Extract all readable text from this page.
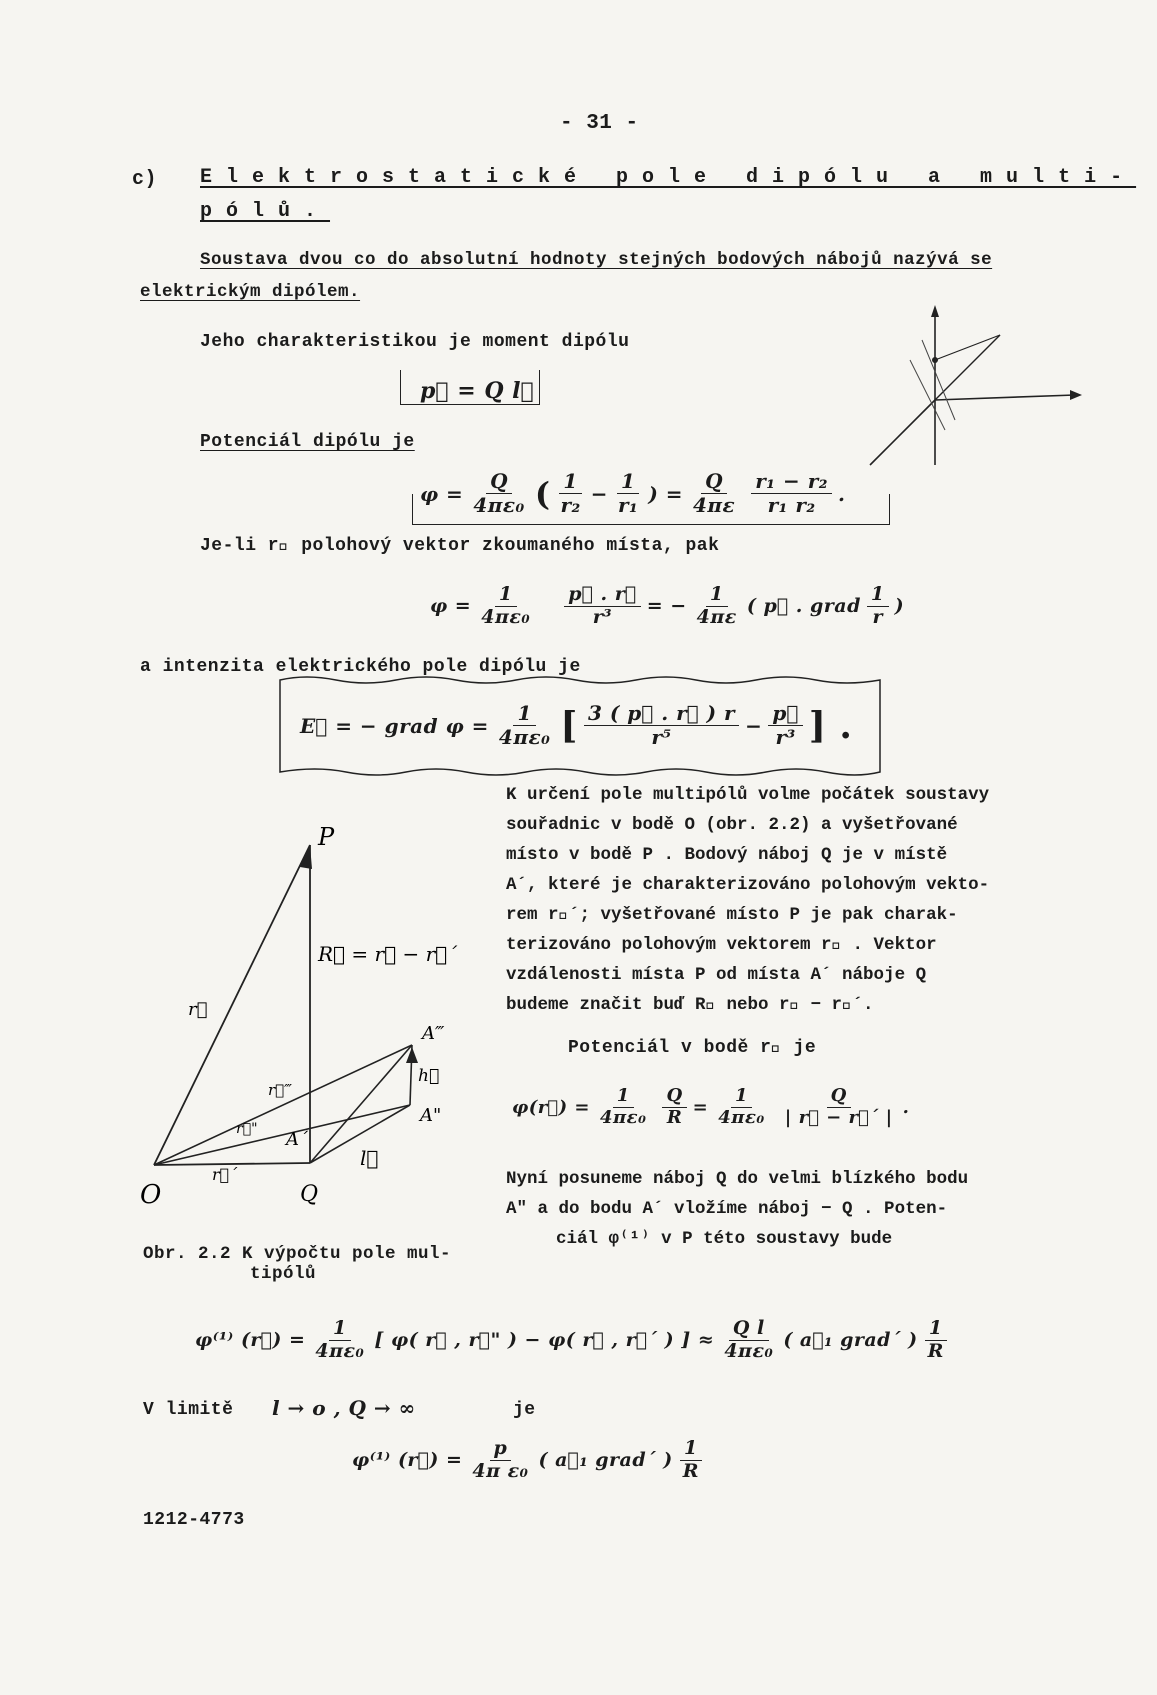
- 31 -
c) Elektrostatické pole dipólu a multi-
pólů.
Soustava dvou co do absolutní hodnoty stejných bodových nábojů nazývá se
elektrickým dipólem.
Jeho charakteristikou je moment dipólu
p⃗ = Q l⃗
Potenciál dipólu je
$\varphi = \frac{Q}{\text{4πε₀}}$ ( $\frac{1}{\text{r₂}} - \frac{1}{\text{r₁}}$ ) = $\frac{Q}{4\pi\varepsilon} \frac{\text{r₁ − r₂}}{\text{r₁ r₂}}$ .
Je-li r⃗ polohový vektor zkoumaného místa, pak
$\varphi = \frac{1}{\text{4πε₀}} \frac{p⃗ . r⃗}{\text{r³}}$ = − $\frac{1}{4\pi\varepsilon}$ ( p⃗ . grad $\frac{1}{r}$ )
a intenzita elektrického pole dipólu je
E⃗ = − grad $\varphi = \frac{1}{\text{4πε₀}}$ [ $\frac{3 ( p⃗ . r⃗ ) r}{\text{r⁵}} - \frac{p⃗}{\text{r³}}$ ] .
K určení pole multipólů volme počátek soustavy
souřadnic v bodě O (obr. 2.2) a vyšetřované
místo v bodě P . Bodový náboj Q je v místě
A´, které je charakterizováno polohovým vekto-
rem r⃗´; vyšetřované místo P je pak charak-
terizováno polohovým vektorem r⃗ . Vektor
vzdálenosti místa P od místa A´ náboje Q
budeme značit buď R⃗ nebo r⃗ − r⃗´.
Potenciál v bodě r⃗ je
φ(r⃗) = $\frac{1}{\text{4πε₀}} \frac{Q}{R} = \frac{1}{\text{4πε₀}} \frac{Q}{| r⃗ - r⃗´ |}$ .
Nyní posuneme náboj Q do velmi blízkého bodu
A" a do bodu A´ vložíme náboj − Q . Poten-
ciál φ⁽¹⁾ v P této soustavy bude
P
O	Q
R⃗ = r⃗ − r⃗´
r⃗
r⃗´
r⃗"
r⃗‴
A´
A"
A‴
l⃗
h⃗
Obr. 2.2 K výpočtu pole mul-
tipólů
φ⁽¹⁾ (r⃗) = $\frac{1}{\text{4πε₀}}$ [ φ( r⃗ , r⃗" ) − φ( r⃗ , r⃗´ ) ] ≈ $\frac{\text{Q l}}{\text{4πε₀}}$ ( a⃗₁ grad´ ) $\frac{1}{R}$
V limitě l → o , Q → ∞	je
φ⁽¹⁾ (r⃗) = $\frac{p}{\text{4π ε₀}}$ ( a⃗₁ grad´ ) $\frac{1}{R}$
1212-4773
